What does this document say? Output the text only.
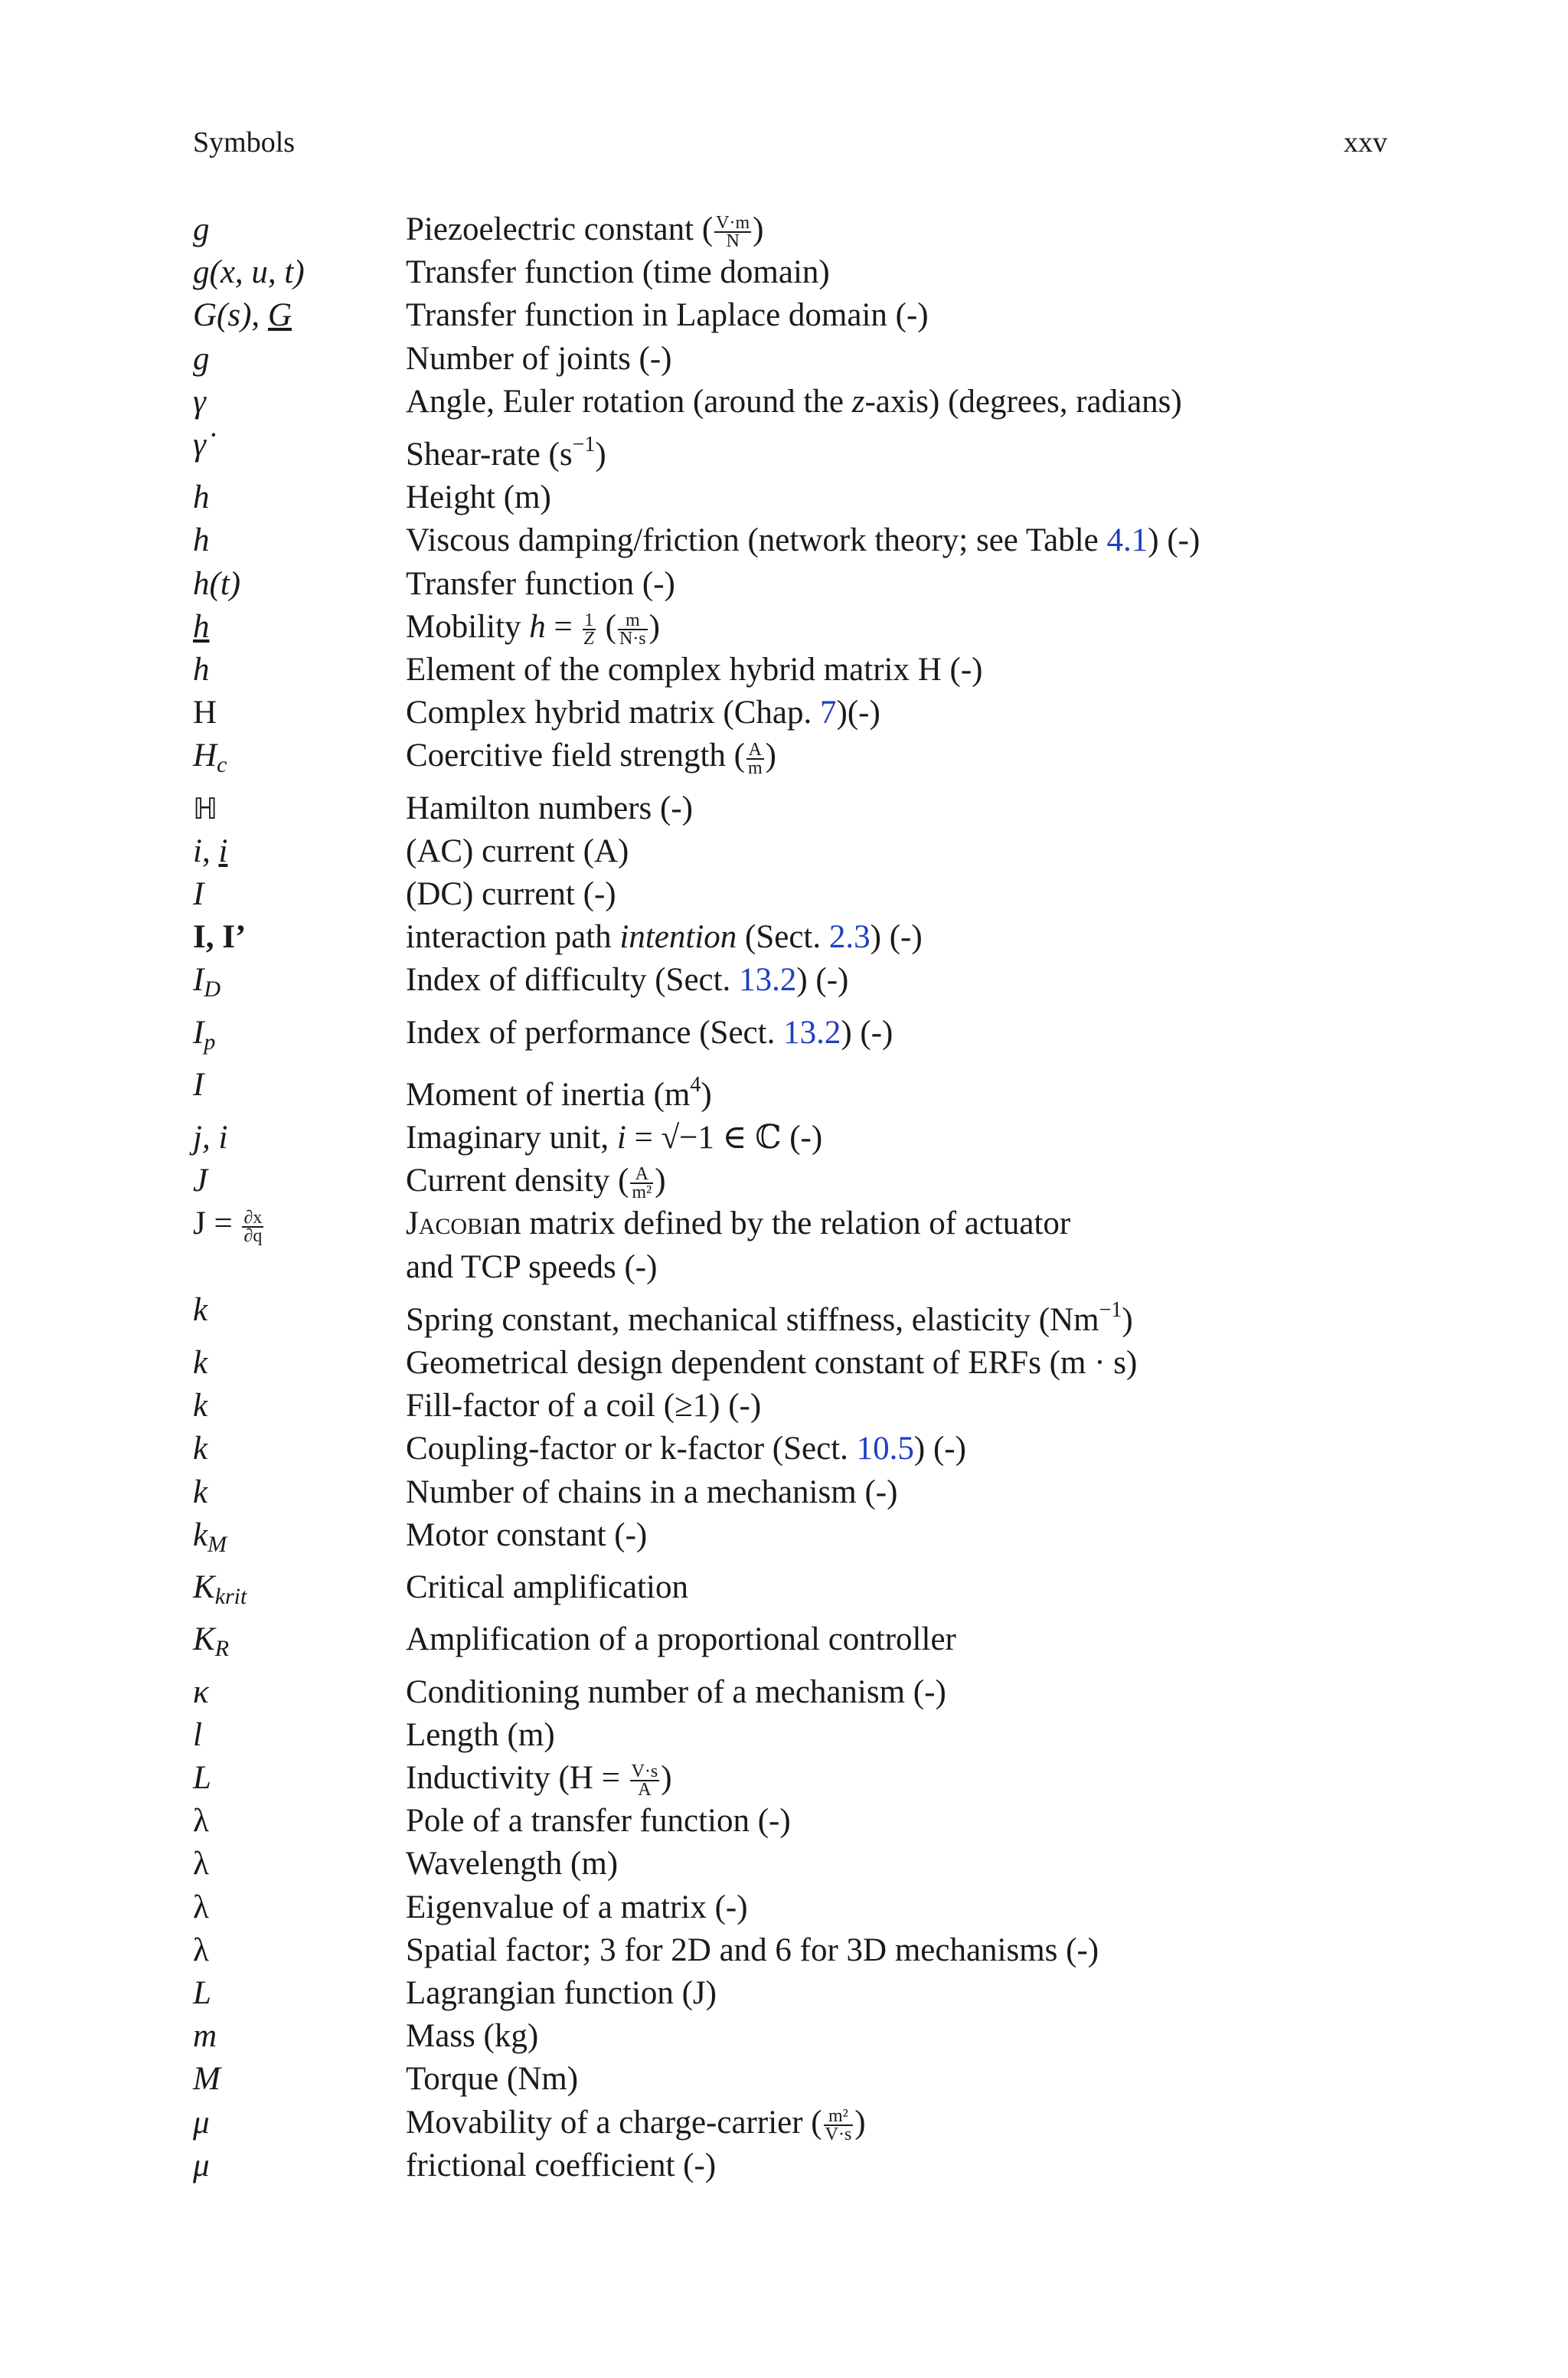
Symbols	xxv
g	Piezoelectric constant ( $\frac{V\cdot m}{N}$ )
g(x, u, t)	Transfer function (time domain)
G(s), G	Transfer function in Laplace domain (-)
g	Number of joints (-)
γ	Angle, Euler rotation (around the z-axis) (degrees, radians)
γ̇	Shear-rate $(s^{-1})$
h	Height (m)
h	Viscous damping/friction (network theory; see Table 4.1) (-)
h(t)	Transfer function (-)
h	Mobility $h = \frac{1}{Z}$ ( $\frac{m}{N\cdot s}$ )
h	Element of the complex hybrid matrix H (-)
H	Complex hybrid matrix (Chap. 7)(-)
$H_c$	Coercitive field strength ( $\frac{A}{m}$ )
ℍ	Hamilton numbers (-)
i, i	(AC) current (A)
I	(DC) current (-)
I, I’	interaction path intention (Sect. 2.3) (-)
$I_D$	Index of difficulty (Sect. 13.2) (-)
$I_p$	Index of performance (Sect. 13.2) (-)
I	Moment of inertia $(m^4)$
j, i	Imaginary unit, i = √−1 ∈ ℂ (-)
J	Current density ( $\frac{A}{\text{m²}}$ )
$J = \frac{\partial x}{\partial q}$	Jacobian matrix defined by the relation of actuator
and TCP speeds (-)
k	Spring constant, mechanical stiffness, elasticity $(Nm^{-1})$
k	Geometrical design dependent constant of ERFs (m · s)
k	Fill-factor of a coil (≥1) (-)
k	Coupling-factor or k-factor (Sect. 10.5) (-)
k	Number of chains in a mechanism (-)
$k_M$	Motor constant (-)
$K_{krit}$	Critical amplification
$K_R$	Amplification of a proportional controller
κ	Conditioning number of a mechanism (-)
l	Length (m)
L	Inductivity ($H = \frac{V\cdot s}{A}$ )
λ	Pole of a transfer function (-)
λ	Wavelength (m)
λ	Eigenvalue of a matrix (-)
λ	Spatial factor; 3 for 2D and 6 for 3D mechanisms (-)
L	Lagrangian function (J)
m	Mass (kg)
M	Torque (Nm)
μ	Movability of a charge-carrier ( $\frac{\text{m²}}{V\cdot s}$ )
μ	frictional coefficient (-)
